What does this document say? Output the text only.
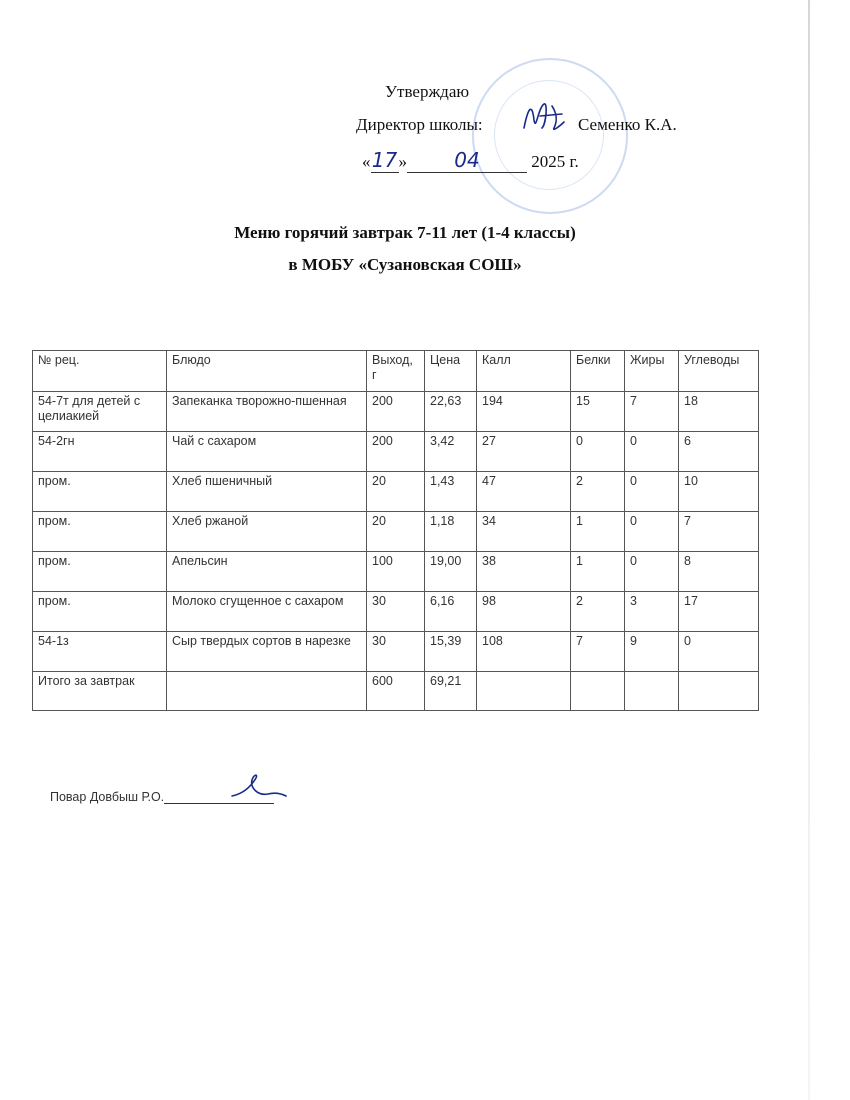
Утверждаю
Директор школы:	Семенко К.А.
«17» 04	2025 г.
Меню горячий завтрак 7-11 лет (1-4 классы)
в МОБУ «Сузановская СОШ»
№ рец.	Блюдо	Выход, г	Цена	Калл	Белки	Жиры	Углеводы
54-7т для детей с целиакией	Запеканка творожно-пшенная	200	22,63	194	15	7	18
54-2гн	Чай с сахаром	200	3,42	27	0	0	6
пром.	Хлеб пшеничный	20	1,43	47	2	0	10
пром.	Хлеб ржаной	20	1,18	34	1	0	7
пром.	Апельсин	100	19,00	38	1	0	8
пром.	Молоко сгущенное с сахаром	30	6,16	98	2	3	17
54-1з	Сыр твердых сортов в нарезке	30	15,39	108	7	9	0
Итого за завтрак		600	69,21				
Повар Довбыш Р.О.
